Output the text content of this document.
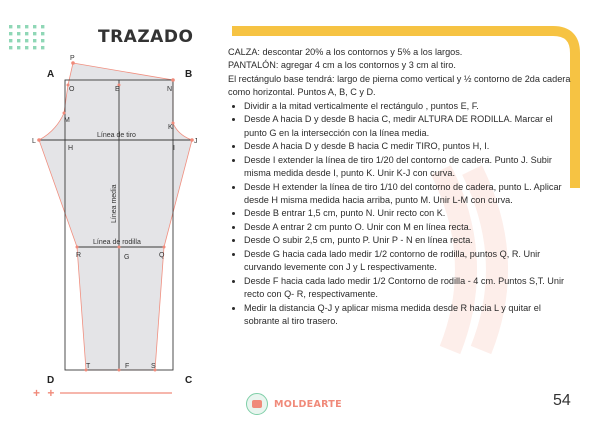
TRAZADO
A	B
C
D
P
O	E	N
M
K
L
H	I
J
R	G	Q
T	F	S
Línea de tiro
Línea de rodilla
Línea media

CALZA: descontar 20% a los contornos y 5% a los largos.

PANTALÓN: agregar 4 cm a los contornos y 3 cm al tiro.

El rectángulo base tendrá: largo de pierna como vertical y ½ contorno de 2da cadera como horizontal. Puntos A, B, C y D.

• Dividir a la mitad verticalmente el rectángulo , puntos E, F.
• Desde A hacia D y desde B hacia C, medir ALTURA DE RODILLA. Marcar el punto G en la intersección con la línea media.
• Desde A hacia D y desde B hacia C medir TIRO, puntos H, I.
• Desde I extender la línea de tiro 1/20 del contorno de cadera. Punto J. Subir misma medida desde I, punto K. Unir K-J con curva.
• Desde H extender la línea de tiro 1/10 del contorno de cadera, punto L. Aplicar desde H misma medida hacia arriba, punto M. Unir L-M con curva.
• Desde B entrar 1,5 cm, punto N. Unir recto con K.
• Desde A entrar 2 cm punto O. Unir con M en línea recta.
• Desde O subir 2,5 cm, punto P. Unir P - N en línea recta.
• Desde G hacia cada lado medir 1/2 contorno de rodilla, puntos Q, R. Unir curvando levemente con J y L respectivamente.
• Desde F hacia cada lado medir 1/2 Contorno de rodilla - 4 cm. Puntos S,T. Unir recto con Q- R, respectivamente.
• Medir la distancia Q-J y aplicar misma medida desde R hacia L y quitar el sobrante al tiro trasero.
+ +
MOLDEARTE	54
